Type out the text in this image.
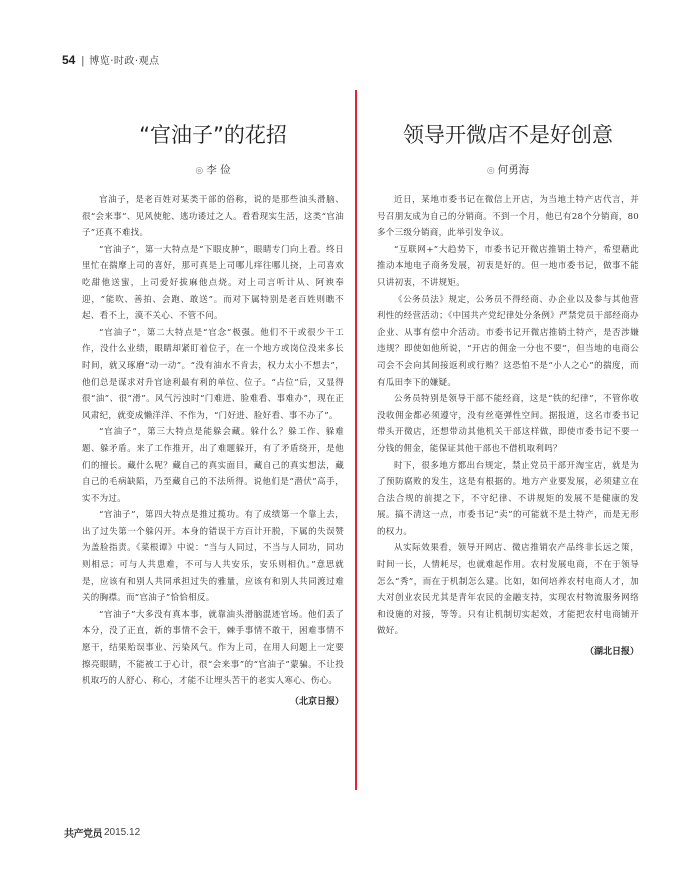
54 | 博览·时政·观点
“官油子”的花招
◎ 李 俭

官油子，是老百姓对某类干部的俗称，说的是那些油头滑脑、很“会来事”、见风使舵、逃功诿过之人。看看现实生活，这类“官油子”还真不难找。

“官油子”，第一大特点是“下眼皮肿”，眼睛专门向上看。终日里忙在揣摩上司的喜好，那可真是上司哪儿痒往哪儿挠，上司喜欢吃甜他送蜜，上司爱好拔麻他点烧。对上司言听计从、阿谀奉迎，“能吹、善拍、会跑、敢送”。而对下属特别是老百姓则瞧不起、看不上，漠不关心、不管不问。

“官油子”，第二大特点是“官念”极强。他们不干或很少干工作，没什么业绩，眼睛却紧盯着位子，在一个地方或岗位没来多长时间，就又琢磨“动一动”。“没有油水不肯去，权力太小不想去”，他们总是谋求对升官途利最有利的单位、位子。“占位”后，又显得很“油”、很“滑”。风气污浊时“门难进、脸难看、事难办”，现在正风肃纪，就变成懒洋洋、不作为，“门好进、脸好看、事不办了”。

“官油子”，第三大特点是能躲会藏。躲什么？躲工作、躲难题、躲矛盾。来了工作推开，出了难题躲开，有了矛盾绕开，是他们的擅长。藏什么呢？藏自己的真实面目，藏自己的真实想法，藏自己的毛病缺陷，乃至藏自己的不法所得。说他们是“潜伏”高手，实不为过。

“官油子”，第四大特点是推过揽功。有了成绩第一个靠上去，出了过失第一个躲闪开。本身的错误干方百计开脱，下属的失误赞为盖脸指责。《菜根谭》中说：“当与人同过，不当与人同功，同功则相忌；可与人共患难，不可与人共安乐，安乐则相仇。”意思就是，应该有和别人共同承担过失的雅量，应该有和别人共同渡过难关的胸襟。而“官油子”恰恰相反。

“官油子”大多没有真本事，就靠油头滑脑混迹官场。他们丢了本分，没了正直，新的事情不会干，棘手事情不敢干，困难事情不愿干，结果贻误事业、污染风气。作为上司，在用人问题上一定要擦亮眼睛，不能被工于心计，很“会来事”的“官油子”蒙骗。不让投机取巧的人舒心、称心，才能不让埋头苦干的老实人寒心、伤心。

（北京日报）
领导开微店不是好创意
◎ 何勇海

近日，某地市委书记在微信上开店，为当地土特产店代言，并号召朋友成为自己的分销商。不到一个月，他已有28个分销商，80多个三级分销商，此举引发争议。

“互联网+”大趋势下，市委书记开微店推销土特产，希望藉此推动本地电子商务发展，初衷是好的。但一地市委书记，做事不能只讲初衷，不讲规矩。

《公务员法》规定，公务员不得经商、办企业以及参与其他营利性的经营活动；《中国共产党纪律处分条例》严禁党员干部经商办企业、从事有偿中介活动。市委书记开微店推销土特产，是否涉嫌违规？即使如他所说，“开店的佣金一分也不要”，但当地的电商公司会不会向其间接返利或行贿？这恐怕不是“小人之心”的揣度，而有瓜田李下的嫌疑。

公务员特别是领导干部不能经商，这是“铁的纪律”，不管你收没收佣金都必须遵守，没有丝毫弹性空间。据报道，这名市委书记带头开微店，还想带动其他机关干部这样做，即使市委书记不要一分钱的佣金，能保证其他干部也不借机取利吗？

时下，很多地方都出台规定，禁止党员干部开淘宝店，就是为了预防腐败的发生，这是有根据的。地方产业要发展，必须建立在合法合规的前提之下，不守纪律、不讲规矩的发展不是健康的发展。搞不清这一点，市委书记“卖”的可能就不是土特产，而是无形的权力。

从实际效果看，领导开网店、微店推销农产品终非长远之策，时间一长，人情耗尽，也就难起作用。农村发展电商，不在于领导怎么“秀”，而在于机制怎么建。比如，如何培养农村电商人才，加大对创业农民尤其是青年农民的金融支持，实现农村物流服务网络和设施的对接，等等。只有让机制切实起效，才能把农村电商铺开做好。

（湖北日报）
共产党员 2015.12
